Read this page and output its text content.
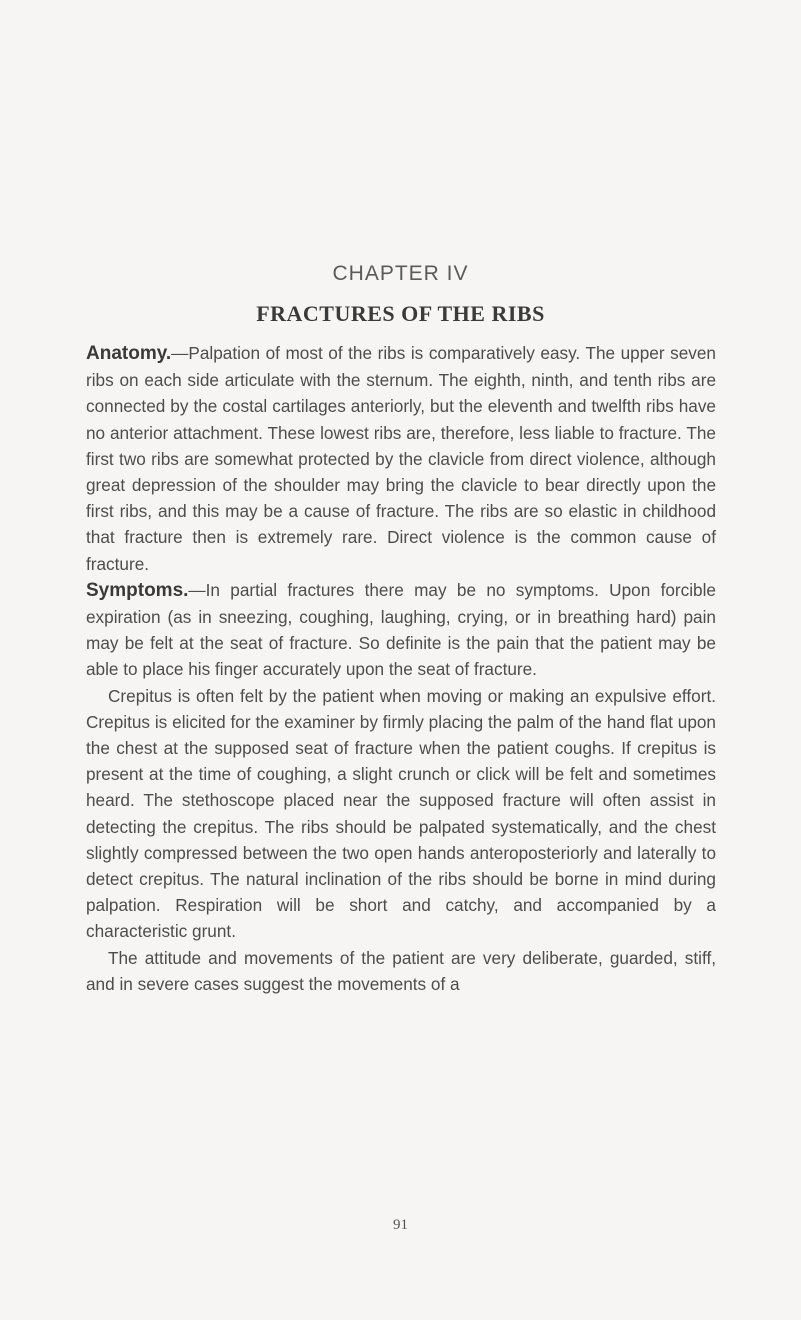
CHAPTER IV
FRACTURES OF THE RIBS

Anatomy.—Palpation of most of the ribs is comparatively easy. The upper seven ribs on each side articulate with the sternum. The eighth, ninth, and tenth ribs are connected by the costal cartilages anteriorly, but the eleventh and twelfth ribs have no anterior attachment. These lowest ribs are, therefore, less liable to fracture. The first two ribs are somewhat protected by the clavicle from direct violence, although great depression of the shoulder may bring the clavicle to bear directly upon the first ribs, and this may be a cause of fracture. The ribs are so elastic in childhood that fracture then is extremely rare. Direct violence is the common cause of fracture.

Symptoms.—In partial fractures there may be no symptoms. Upon forcible expiration (as in sneezing, coughing, laughing, crying, or in breathing hard) pain may be felt at the seat of fracture. So definite is the pain that the patient may be able to place his finger accurately upon the seat of fracture.

Crepitus is often felt by the patient when moving or making an expulsive effort. Crepitus is elicited for the examiner by firmly placing the palm of the hand flat upon the chest at the supposed seat of fracture when the patient coughs. If crepitus is present at the time of coughing, a slight crunch or click will be felt and sometimes heard. The stethoscope placed near the supposed fracture will often assist in detecting the crepitus. The ribs should be palpated systematically, and the chest slightly compressed between the two open hands anteroposteriorly and laterally to detect crepitus. The natural inclination of the ribs should be borne in mind during palpation. Respiration will be short and catchy, and accompanied by a characteristic grunt.

The attitude and movements of the patient are very deliberate, guarded, stiff, and in severe cases suggest the movements of a

91
